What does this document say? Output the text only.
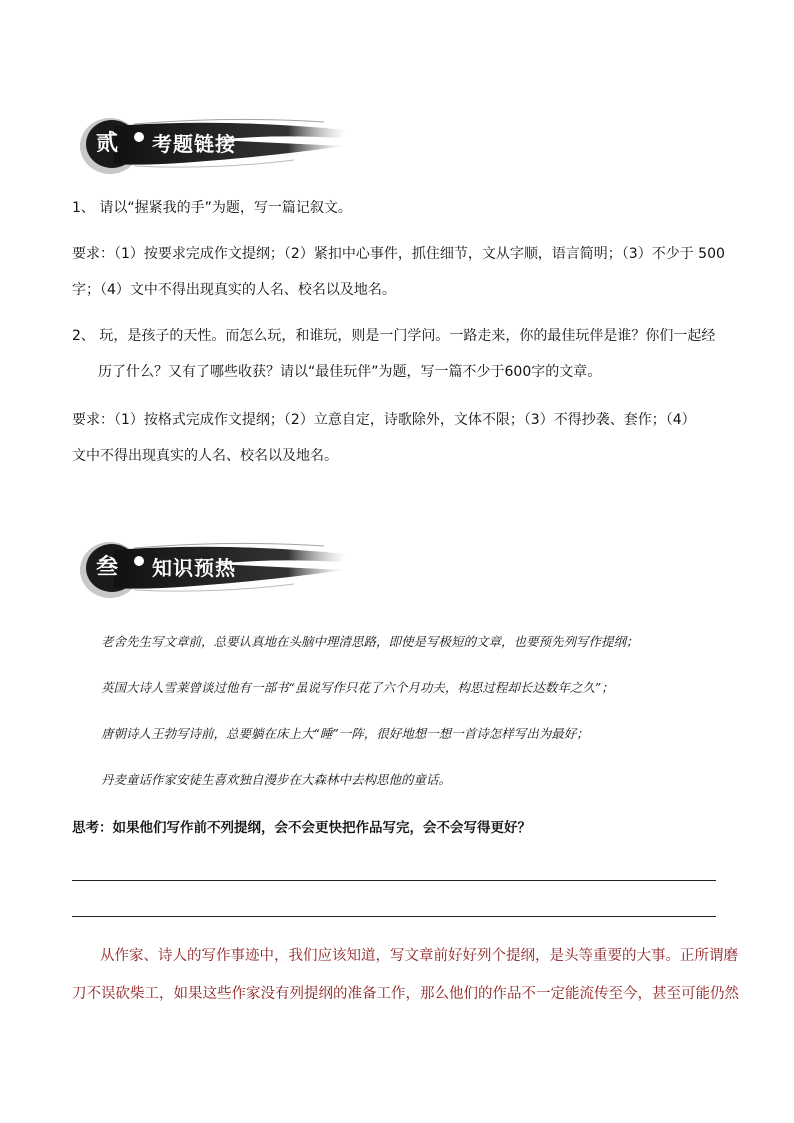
贰 考题链接
1、 请以“握紧我的手”为题，写一篇记叙文。
要求：（1）按要求完成作文提纲；（2）紧扣中心事件，抓住细节，文从字顺，语言简明；（3）不少于 500
字；（4）文中不得出现真实的人名、校名以及地名。
2、 玩，是孩子的天性。而怎么玩，和谁玩，则是一门学问。一路走来，你的最佳玩伴是谁？你们一起经
历了什么？又有了哪些收获？请以“最佳玩伴”为题，写一篇不少于600字的文章。
要求：（1）按格式完成作文提纲；（2）立意自定，诗歌除外，文体不限；（3）不得抄袭、套作；（4）
文中不得出现真实的人名、校名以及地名。
叁 知识预热
老舍先生写文章前，总要认真地在头脑中理清思路，即使是写极短的文章，也要预先列写作提纲；
英国大诗人雪莱曾谈过他有一部书“虽说写作只花了六个月功夫，构思过程却长达数年之久”；
唐朝诗人王勃写诗前，总要躺在床上大“睡”一阵，很好地想一想一首诗怎样写出为最好；
丹麦童话作家安徒生喜欢独自漫步在大森林中去构思他的童话。
思考：如果他们写作前不列提纲，会不会更快把作品写完，会不会写得更好？
从作家、诗人的写作事迹中，我们应该知道，写文章前好好列个提纲，是头等重要的大事。正所谓磨
刀不误砍柴工，如果这些作家没有列提纲的准备工作，那么他们的作品不一定能流传至今，甚至可能仍然
